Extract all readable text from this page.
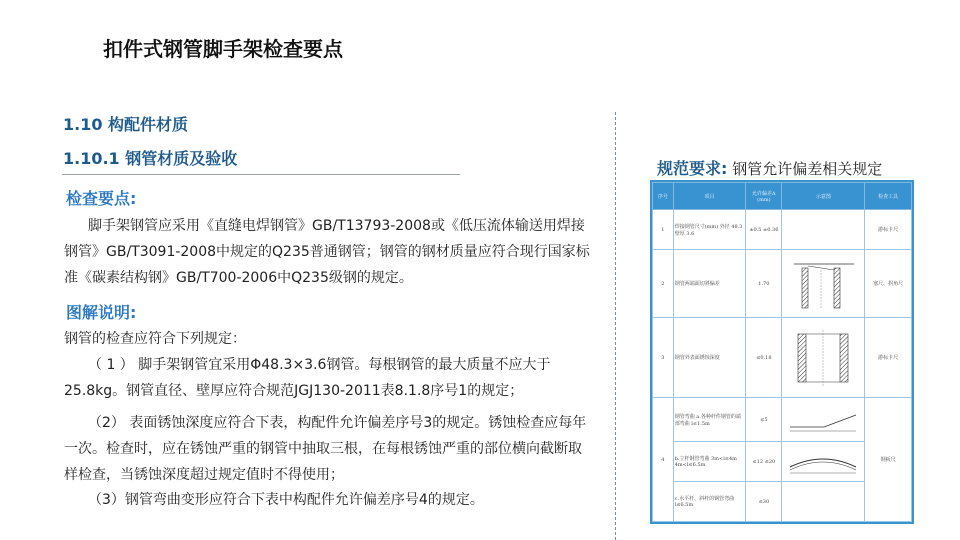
扣件式钢管脚手架检查要点
1.10 构配件材质
1.10.1 钢管材质及验收
检查要点:
脚手架钢管应采用《直缝电焊钢管》GB/T13793-2008或《低压流体输送用焊接钢管》GB/T3091-2008中规定的Q235普通钢管；钢管的钢材质量应符合现行国家标准《碳素结构钢》GB/T700-2006中Q235级钢的规定。
图解说明:
钢管的检查应符合下列规定：
（ 1 ） 脚手架钢管宜采用Φ48.3×3.6钢管。每根钢管的最大质量不应大于25.8kg。钢管直径、壁厚应符合规范JGJ130-2011表8.1.8序号1的规定；
（2） 表面锈蚀深度应符合下表，构配件允许偏差序号3的规定。锈蚀检查应每年一次。检查时，应在锈蚀严重的钢管中抽取三根，在每根锈蚀严重的部位横向截断取样检查，当锈蚀深度超过规定值时不得使用；
（3）钢管弯曲变形应符合下表中构配件允许偏差序号4的规定。
规范要求: 钢管允许偏差相关规定
序号	项目	允许偏差Δ (mm)	示意图	检查工具
1	焊接钢管尺寸(mm) 外径 48.3 壁厚 3.6	±0.5 ±0.36		游标卡尺
2	钢管两端面切斜偏差	1.70		塞尺、拐角尺
3	钢管外表面锈蚀深度	≤0.18		游标卡尺
4	钢管弯曲 a.各种杆件钢管的端部弯曲 l≤1.5m	≤5		钢板尺
	b.立杆钢管弯曲 3m<l≤4m 4m<l≤6.5m	≤12 ≤20	

	c.水平杆、斜杆的钢管弯曲 l≤6.5m	≤30		
